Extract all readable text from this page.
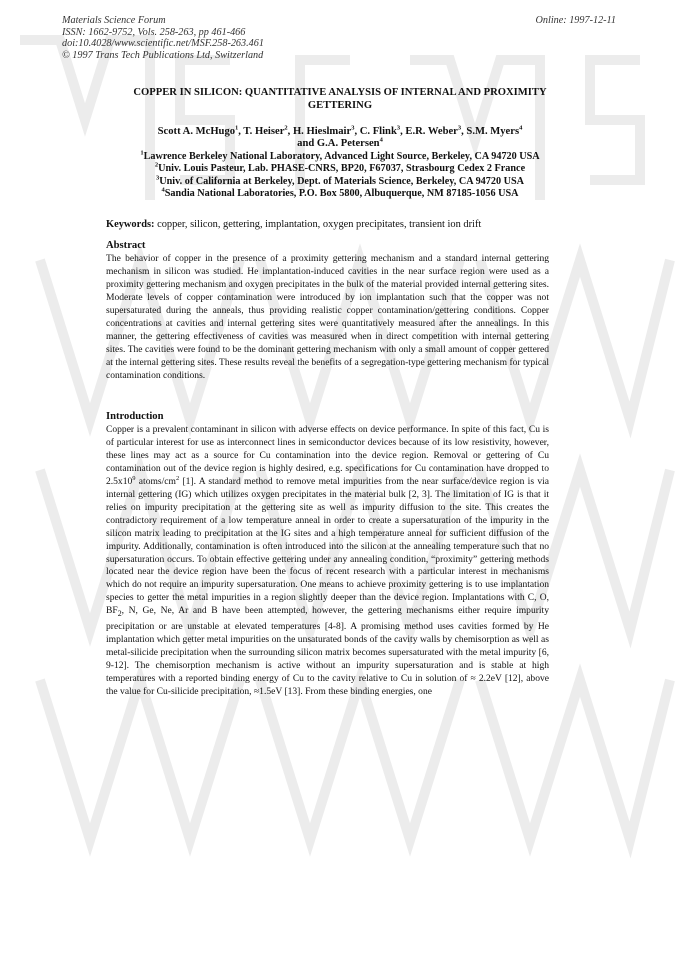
Materials Science Forum
ISSN: 1662-9752, Vols. 258-263, pp 461-466
doi:10.4028/www.scientific.net/MSF.258-263.461
© 1997 Trans Tech Publications Ltd, Switzerland
Online: 1997-12-11
COPPER IN SILICON: QUANTITATIVE ANALYSIS OF INTERNAL AND PROXIMITY
GETTERING
Scott A. McHugo$^1$, T. Heiser$^2$, H. Hieslmair$^3$, C. Flink$^3$, E.R. Weber$^3$, S.M. Myers$^4$
and G.A. Petersen$^4$
$^1$Lawrence Berkeley National Laboratory, Advanced Light Source, Berkeley, CA 94720 USA
$^2$Univ. Louis Pasteur, Lab. PHASE-CNRS, BP20, F67037, Strasbourg Cedex 2 France
$^3$Univ. of California at Berkeley, Dept. of Materials Science, Berkeley, CA 94720 USA
$^4$Sandia National Laboratories, P.O. Box 5800, Albuquerque, NM 87185-1056 USA
Keywords: copper, silicon, gettering, implantation, oxygen precipitates, transient ion drift
Abstract
The behavior of copper in the presence of a proximity gettering mechanism and a standard internal gettering mechanism in silicon was studied. He implantation-induced cavities in the near surface region were used as a proximity gettering mechanism and oxygen precipitates in the bulk of the material provided internal gettering sites. Moderate levels of copper contamination were introduced by ion implantation such that the copper was not supersaturated during the anneals, thus providing realistic copper contamination/gettering conditions. Copper concentrations at cavities and internal gettering sites were quantitatively measured after the annealings. In this manner, the gettering effectiveness of cavities was measured when in direct competition with internal gettering sites. The cavities were found to be the dominant gettering mechanism with only a small amount of copper gettered at the internal gettering sites. These results reveal the benefits of a segregation-type gettering mechanism for typical contamination conditions.
Introduction
Copper is a prevalent contaminant in silicon with adverse effects on device performance. In spite of this fact, Cu is of particular interest for use as interconnect lines in semiconductor devices because of its low resistivity, however, these lines may act as a source for Cu contamination into the device region. Removal or gettering of Cu contamination out of the device region is highly desired, e.g. specifications for Cu contamination have dropped to $2.5x10^9$ atoms/$cm^2$ [1]. A standard method to remove metal impurities from the near surface/device region is via internal gettering (IG) which utilizes oxygen precipitates in the material bulk [2, 3]. The limitation of IG is that it relies on impurity precipitation at the gettering site as well as impurity diffusion to the site. This creates the contradictory requirement of a low temperature anneal in order to create a supersaturation of the impurity in the silicon matrix leading to precipitation at the IG sites and a high temperature anneal for sufficient diffusion of the impurity. Additionally, contamination is often introduced into the silicon at the annealing temperature such that no supersaturation occurs. To obtain effective gettering under any annealing condition, “proximity” gettering methods located near the device region have been the focus of recent research with a particular interest in mechanisms which do not require an impurity supersaturation. One means to achieve proximity gettering is to use implantation species to getter the metal impurities in a region slightly deeper than the device region. Implantations with C, O, $BF_2$, N, Ge, Ne, Ar and B have been attempted, however, the gettering mechanisms either require impurity precipitation or are unstable at elevated temperatures [4-8]. A promising method uses cavities formed by He implantation which getter metal impurities on the unsaturated bonds of the cavity walls by chemisorption as well as metal-silicide precipitation when the surrounding silicon matrix becomes supersaturated with the metal impurity [6, 9-12]. The chemisorption mechanism is active without an impurity supersaturation and is stable at high temperatures with a reported binding energy of Cu to the cavity relative to Cu in solution of ≈ 2.2eV [12], above the value for Cu-silicide precipitation, ≈1.5eV [13]. From these binding energies, one
